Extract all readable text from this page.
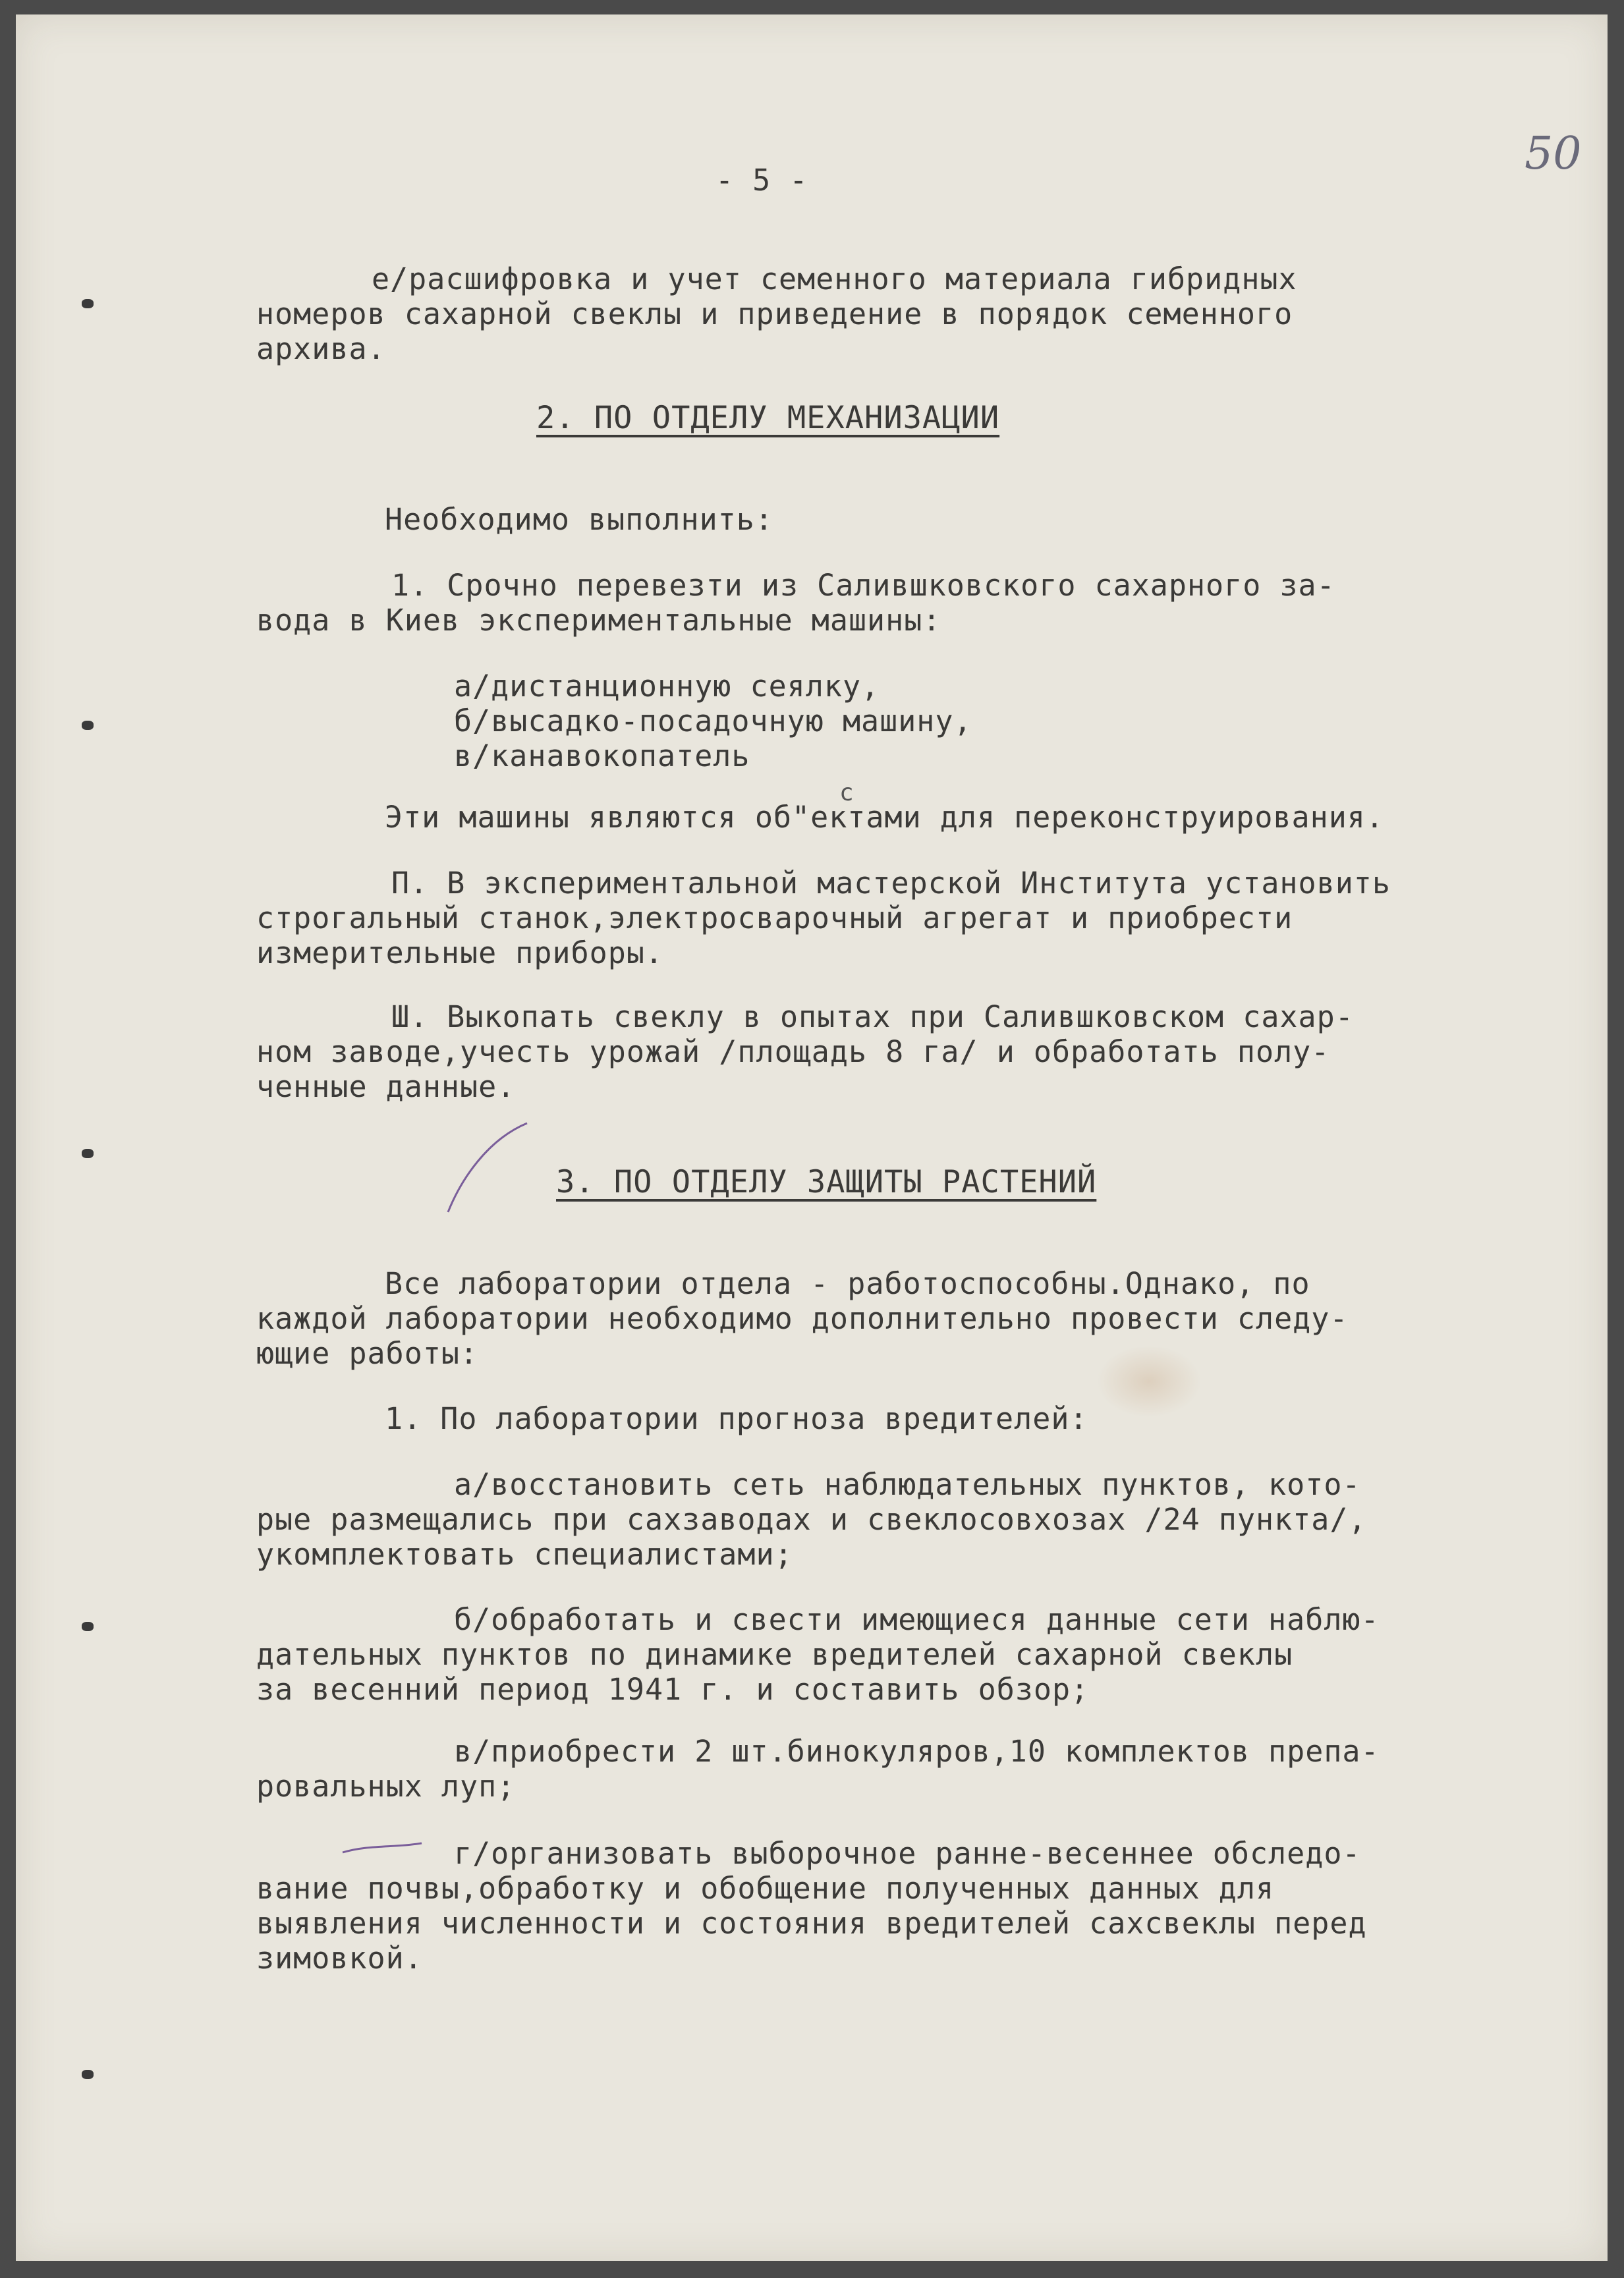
- 5 -

50

е/расшифровка и учет семенного материала гибридных

номеров сахарной свеклы и приведение в порядок семенного

архива.

2. ПО ОТДЕЛУ МЕХАНИЗАЦИИ

Необходимо выполнить:

1. Срочно перевезти из Салившковского сахарного за-

вода в Киев экспериментальные машины:

а/дистанционную сеялку,

б/высадко-посадочную машину,

в/канавокопатель

с

Эти машины являются об"ектами для переконструирования.

П. В экспериментальной мастерской Института установить

строгальный станок,электросварочный агрегат и приобрести

измерительные приборы.

Ш. Выкопать свеклу в опытах при Салившковском сахар-

ном заводе,учесть урожай /площадь 8 га/ и обработать полу-

ченные данные.

3. ПО ОТДЕЛУ ЗАЩИТЫ РАСТЕНИЙ

Все лаборатории отдела - работоспособны.Однако, по

каждой лаборатории необходимо дополнительно провести следу-

ющие работы:

1. По лаборатории прогноза вредителей:

а/восстановить сеть наблюдательных пунктов, кото-

рые размещались при сахзаводах и свеклосовхозах /24 пункта/,

укомплектовать специалистами;

б/обработать и свести имеющиеся данные сети наблю-

дательных пунктов по динамике вредителей сахарной свеклы

за весенний период 1941 г. и составить обзор;

в/приобрести 2 шт.бинокуляров,10 комплектов препа-

ровальных луп;

г/организовать выборочное ранне-весеннее обследо-

вание почвы,обработку и обобщение полученных данных для

выявления численности и состояния вредителей сахсвеклы перед

зимовкой.
